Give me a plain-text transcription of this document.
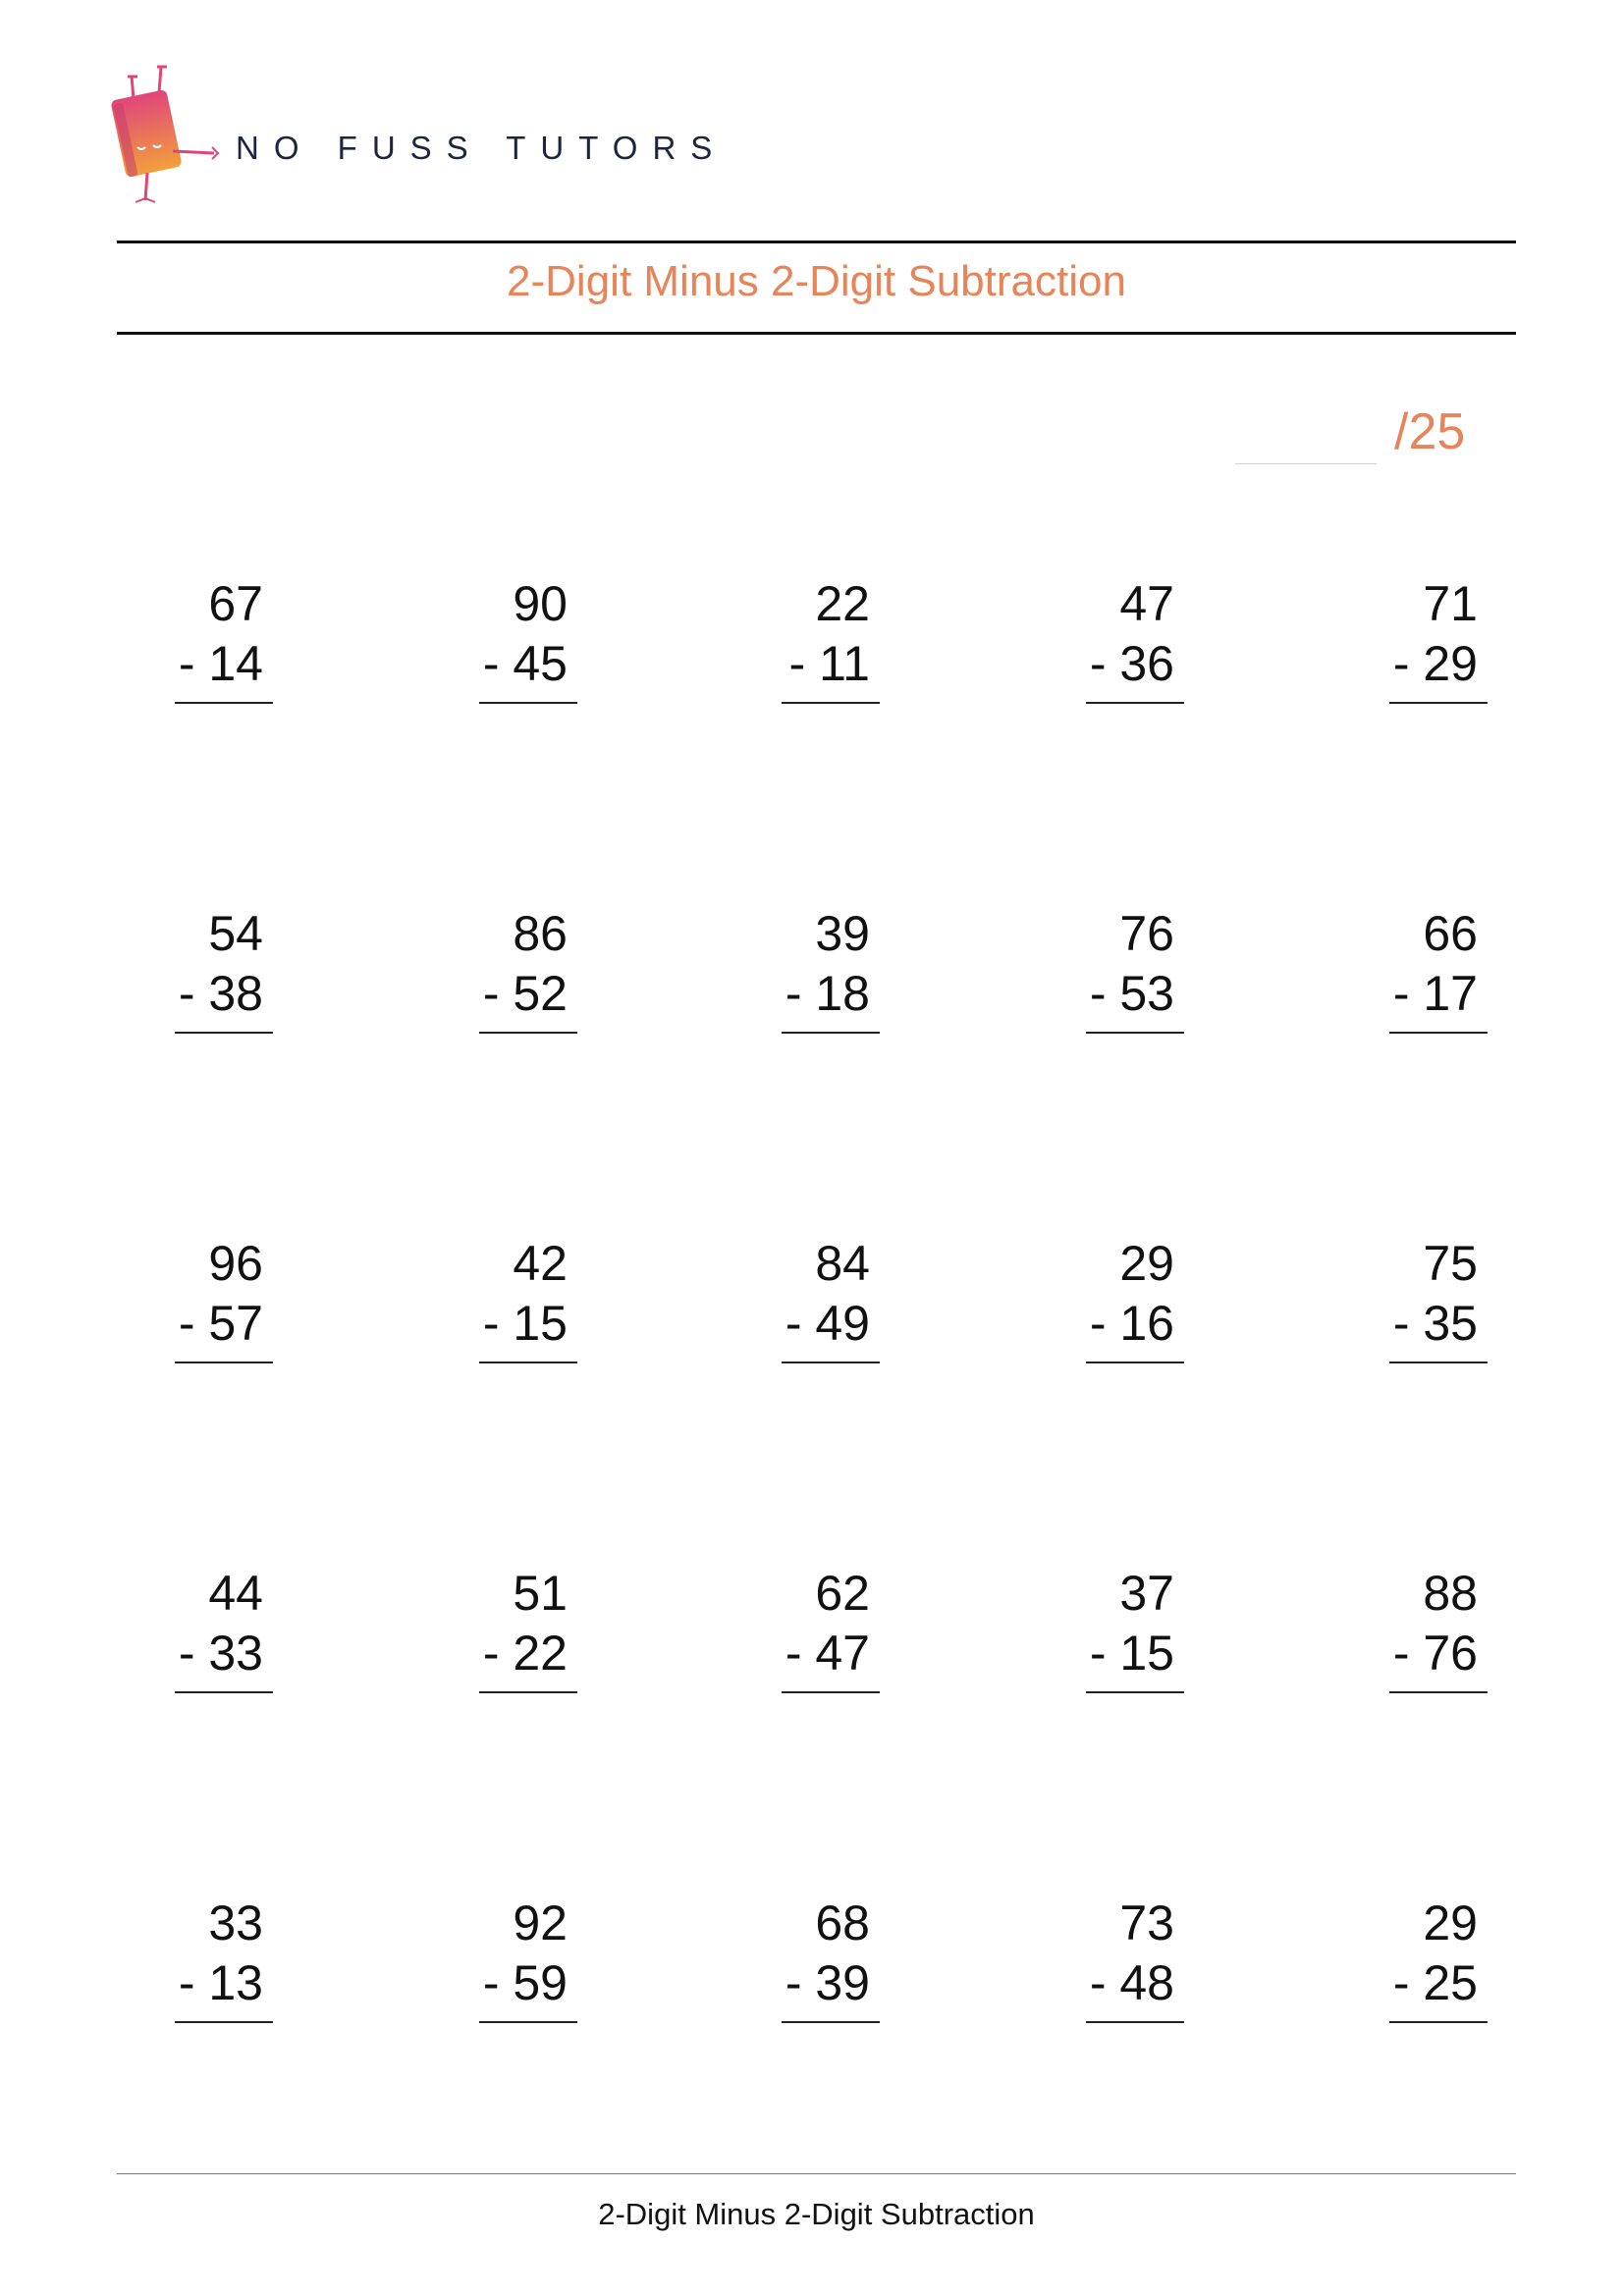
NO FUSS TUTORS
2-Digit Minus 2-Digit Subtraction
/25
67
- 14
90
- 45
22
- 11
47
- 36
71
- 29
54
- 38
86
- 52
39
- 18
76
- 53
66
- 17
96
- 57
42
- 15
84
- 49
29
- 16
75
- 35
44
- 33
51
- 22
62
- 47
37
- 15
88
- 76
33
- 13
92
- 59
68
- 39
73
- 48
29
- 25
2-Digit Minus 2-Digit Subtraction
